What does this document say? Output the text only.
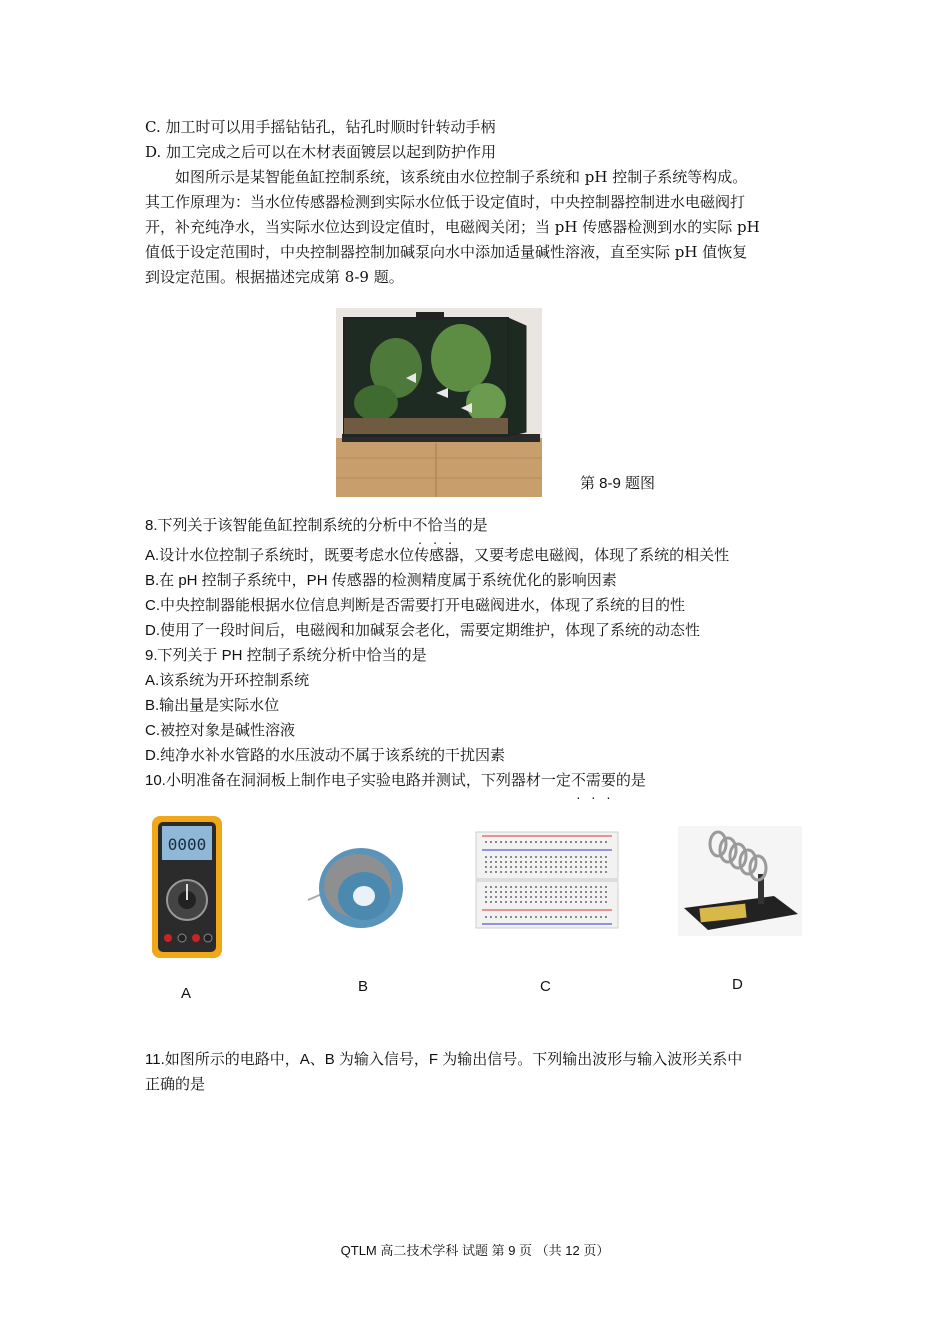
C. 加工时可以用手摇钻钻孔，钻孔时顺时针转动手柄
D. 加工完成之后可以在木材表面镀层以起到防护作用
　　如图所示是某智能鱼缸控制系统，该系统由水位控制子系统和 pH 控制子系统等构成。
其工作原理为：当水位传感器检测到实际水位低于设定值时，中央控制器控制进水电磁阀打
开，补充纯净水，当实际水位达到设定值时，电磁阀关闭；当 pH 传感器检测到水的实际 pH
值低于设定范围时，中央控制器控制加碱泵向水中添加适量碱性溶液，直至实际 pH 值恢复
到设定范围。根据描述完成第 8-9 题。
第 8-9 题图
8.下列关于该智能鱼缸控制系统的分析中不恰当的是
A.设计水位控制子系统时，既要考虑水位传感器，又要考虑电磁阀，体现了系统的相关性
B.在 pH 控制子系统中，PH 传感器的检测精度属于系统优化的影响因素
C.中央控制器能根据水位信息判断是否需要打开电磁阀进水，体现了系统的目的性
D.使用了一段时间后，电磁阀和加碱泵会老化，需要定期维护，体现了系统的动态性
9.下列关于 PH 控制子系统分析中恰当的是
A.该系统为开环控制系统
B.输出量是实际水位
C.被控对象是碱性溶液
D.纯净水补水管路的水压波动不属于该系统的干扰因素
10.小明准备在洞洞板上制作电子实验电路并测试，下列器材一定不需要的是
0000
A	B	C	D
11.如图所示的电路中，A、B 为输入信号，F 为输出信号。下列输出波形与输入波形关系中
正确的是
QTLM 高二技术学科 试题 第 9 页 （共 12 页）
